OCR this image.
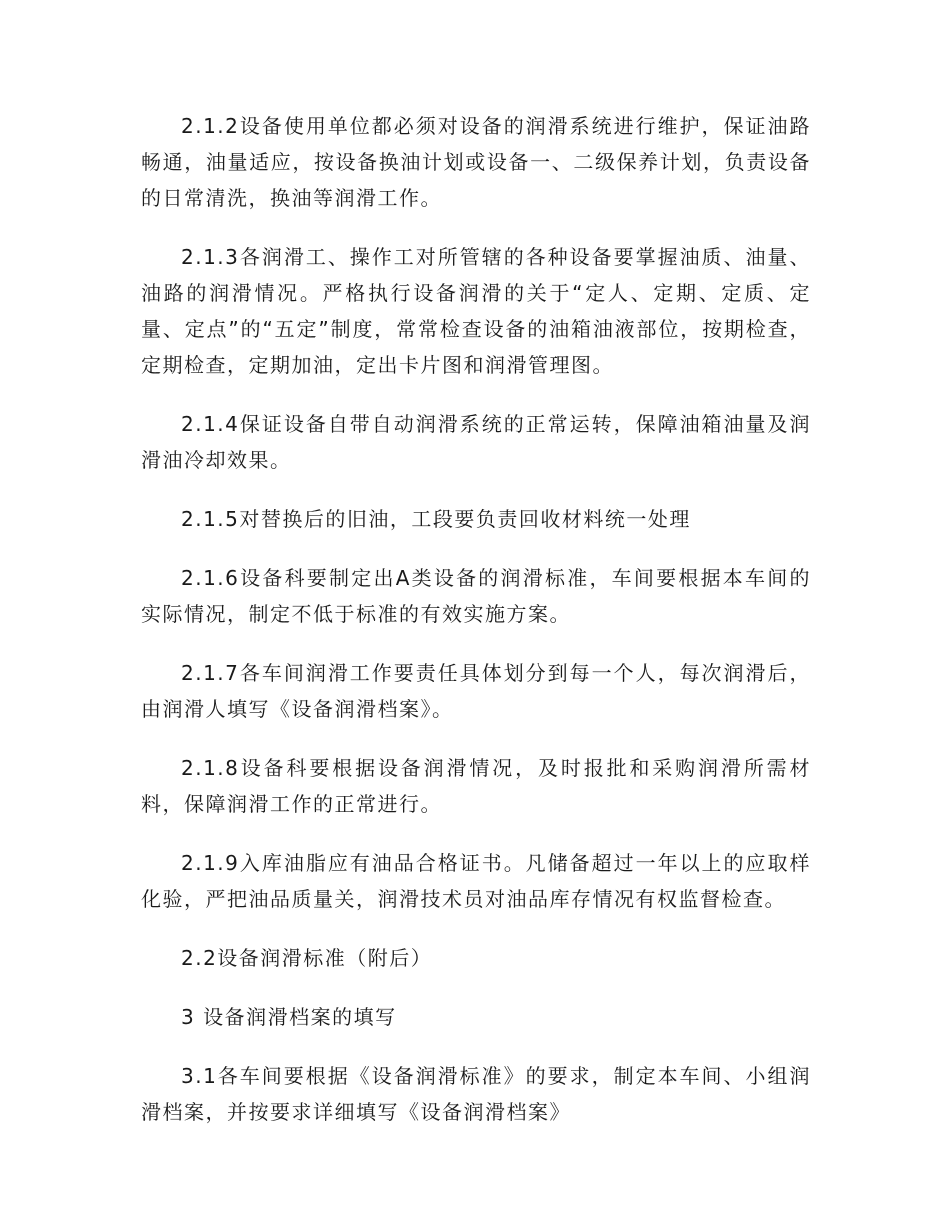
2.1.2设备使用单位都必须对设备的润滑系统进行维护，保证油路畅通，油量适应，按设备换油计划或设备一、二级保养计划，负责设备的日常清洗，换油等润滑工作。

2.1.3各润滑工、操作工对所管辖的各种设备要掌握油质、油量、油路的润滑情况。严格执行设备润滑的关于“定人、定期、定质、定量、定点”的“五定”制度，常常检查设备的油箱油液部位，按期检查，定期检查，定期加油，定出卡片图和润滑管理图。

2.1.4保证设备自带自动润滑系统的正常运转，保障油箱油量及润滑油冷却效果。

2.1.5对替换后的旧油，工段要负责回收材料统一处理

2.1.6设备科要制定出A类设备的润滑标准，车间要根据本车间的实际情况，制定不低于标准的有效实施方案。

2.1.7各车间润滑工作要责任具体划分到每一个人，每次润滑后，由润滑人填写《设备润滑档案》。

2.1.8设备科要根据设备润滑情况，及时报批和采购润滑所需材料，保障润滑工作的正常进行。

2.1.9入库油脂应有油品合格证书。凡储备超过一年以上的应取样化验，严把油品质量关，润滑技术员对油品库存情况有权监督检查。

2.2设备润滑标准（附后）

3 设备润滑档案的填写

3.1各车间要根据《设备润滑标准》的要求，制定本车间、小组润滑档案，并按要求详细填写《设备润滑档案》
